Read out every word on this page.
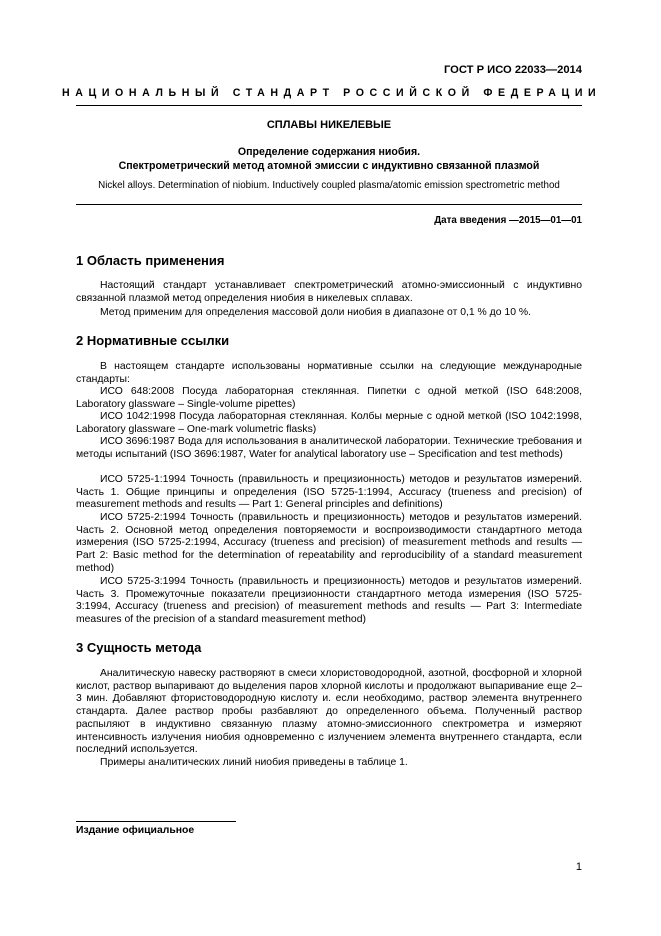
ГОСТ Р ИСО 22033—2014
НАЦИОНАЛЬНЫЙ СТАНДАРТ РОССИЙСКОЙ ФЕДЕРАЦИИ
СПЛАВЫ НИКЕЛЕВЫЕ
Определение содержания ниобия.
Спектрометрический метод атомной эмиссии с индуктивно связанной плазмой
Nickel alloys. Determination of niobium. Inductively coupled plasma/atomic emission spectrometric method
Дата введения —2015—01—01
1 Область применения
Настоящий стандарт устанавливает спектрометрический атомно-эмиссионный с индуктивно связанной плазмой метод определения ниобия в никелевых сплавах.
Метод применим для определения массовой доли ниобия в диапазоне от 0,1 % до 10 %.
2 Нормативные ссылки
В настоящем стандарте использованы нормативные ссылки на следующие международные стандарты:
ИСО 648:2008 Посуда лабораторная стеклянная. Пипетки с одной меткой (ISO 648:2008, Laboratory glassware – Single-volume pipettes)
ИСО 1042:1998 Посуда лабораторная стеклянная. Колбы мерные с одной меткой (ISO 1042:1998, Laboratory glassware – One-mark volumetric flasks)
ИСО 3696:1987 Вода для использования в аналитической лаборатории. Технические требования и методы испытаний (ISO 3696:1987, Water for analytical laboratory use – Specification and test methods)
ИСО 5725-1:1994 Точность (правильность и прецизионность) методов и результатов измерений. Часть 1. Общие принципы и определения (ISO 5725-1:1994, Accuracy (trueness and precision) of measurement methods and results — Part 1: General principles and definitions)
ИСО 5725-2:1994 Точность (правильность и прецизионность) методов и результатов измерений. Часть 2. Основной метод определения повторяемости и воспроизводимости стандартного метода измерения (ISO 5725-2:1994, Accuracy (trueness and precision) of measurement methods and results — Part 2: Basic method for the determination of repeatability and reproducibility of a standard measurement method)
ИСО 5725-3:1994 Точность (правильность и прецизионность) методов и результатов измерений. Часть 3. Промежуточные показатели прецизионности стандартного метода измерения (ISO 5725-3:1994, Accuracy (trueness and precision) of measurement methods and results — Part 3: Intermediate measures of the precision of a standard measurement method)
3 Сущность метода
Аналитическую навеску растворяют в смеси хлористоводородной, азотной, фосфорной и хлорной кислот, раствор выпаривают до выделения паров хлорной кислоты и продолжают выпаривание еще 2–3 мин. Добавляют фтористоводородную кислоту и. если необходимо, раствор элемента внутреннего стандарта. Далее раствор пробы разбавляют до определенного объема. Полученный раствор распыляют в индуктивно связанную плазму атомно-эмиссионного спектрометра и измеряют интенсивность излучения ниобия одновременно с излучением элемента внутреннего стандарта, если последний используется.
Примеры аналитических линий ниобия приведены в таблице 1.
Издание официальное
1
